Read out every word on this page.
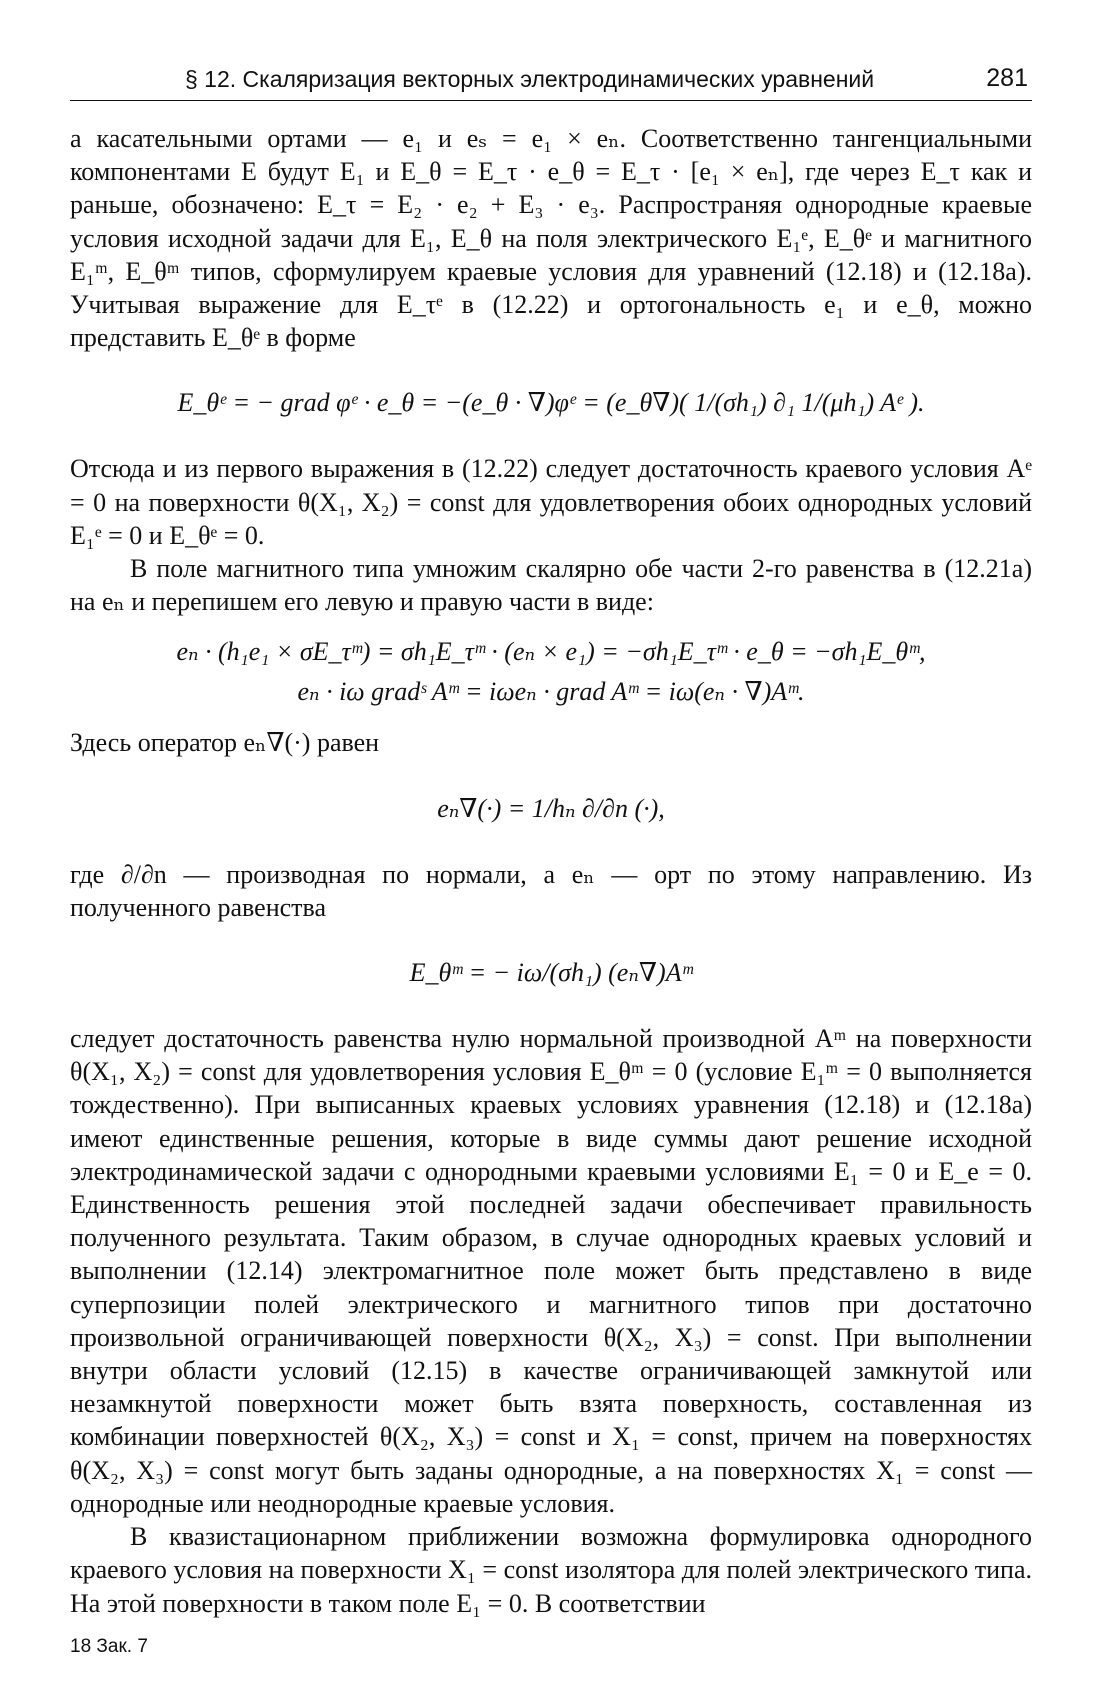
§ 12. Скаляризация векторных электродинамических уравнений	281

а касательными ортами — e₁ и eₛ = e₁ × eₙ. Соответственно тангенциальными компонентами E будут E₁ и E_θ = E_τ · e_θ = E_τ · [e₁ × eₙ], где через E_τ как и раньше, обозначено: E_τ = E₂ · e₂ + E₃ · e₃. Распространяя однородные краевые условия исходной задачи для E₁, E_θ на поля электрического E₁ᵉ, E_θᵉ и магнитного E₁ᵐ, E_θᵐ типов, сформулируем краевые условия для уравнений (12.18) и (12.18а). Учитывая выражение для E_τᵉ в (12.22) и ортогональность e₁ и e_θ, можно представить E_θᵉ в форме

E_θᵉ = − grad φᵉ · e_θ = −(e_θ · ∇)φᵉ = (e_θ∇)( 1/(σh₁) ∂₁ 1/(μh₁) Aᵉ ).

Отсюда и из первого выражения в (12.22) следует достаточность краевого условия Aᵉ = 0 на поверхности θ(X₁, X₂) = const для удовлетворения обоих однородных условий E₁ᵉ = 0 и E_θᵉ = 0.

В поле магнитного типа умножим скалярно обе части 2-го равенства в (12.21а) на eₙ и перепишем его левую и правую части в виде:

eₙ · (h₁e₁ × σE_τᵐ) = σh₁E_τᵐ · (eₙ × e₁) = −σh₁E_τᵐ · e_θ = −σh₁E_θᵐ,
eₙ · iω gradˢ Aᵐ = iωeₙ · grad Aᵐ = iω(eₙ · ∇)Aᵐ.

Здесь оператор eₙ∇(·) равен

eₙ∇(·) = 1/hₙ ∂/∂n (·),

где ∂/∂n — производная по нормали, а eₙ — орт по этому направлению. Из полученного равенства

E_θᵐ = − iω/(σh₁) (eₙ∇)Aᵐ

следует достаточность равенства нулю нормальной производной Aᵐ на поверхности θ(X₁, X₂) = const для удовлетворения условия E_θᵐ = 0 (условие E₁ᵐ = 0 выполняется тождественно). При выписанных краевых условиях уравнения (12.18) и (12.18а) имеют единственные решения, которые в виде суммы дают решение исходной электродинамической задачи с однородными краевыми условиями E₁ = 0 и E_e = 0. Единственность решения этой последней задачи обеспечивает правильность полученного результата. Таким образом, в случае однородных краевых условий и выполнении (12.14) электромагнитное поле может быть представлено в виде суперпозиции полей электрического и магнитного типов при достаточно произвольной ограничивающей поверхности θ(X₂, X₃) = const. При выполнении внутри области условий (12.15) в качестве ограничивающей замкнутой или незамкнутой поверхности может быть взята поверхность, составленная из комбинации поверхностей θ(X₂, X₃) = const и X₁ = const, причем на поверхностях θ(X₂, X₃) = const могут быть заданы однородные, а на поверхностях X₁ = const — однородные или неоднородные краевые условия.

В квазистационарном приближении возможна формулировка однородного краевого условия на поверхности X₁ = const изолятора для полей электрического типа. На этой поверхности в таком поле E₁ = 0. В соответствии

18 Зак. 7
